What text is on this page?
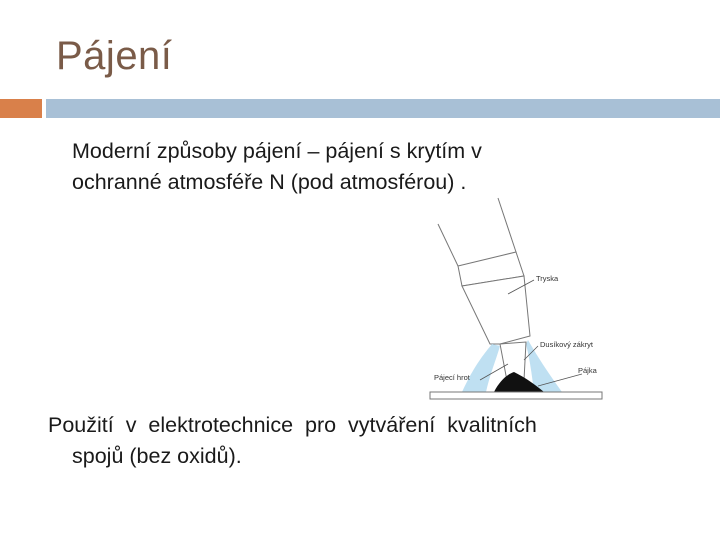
Pájení
Moderní způsoby pájení – pájení s krytím v
ochranné atmosféře N (pod atmosférou) .
Tryska
Dusíkový zákryt
Pájka
Pájecí hrot
Použití v elektrotechnice pro vytváření kvalitních
spojů (bez oxidů).
